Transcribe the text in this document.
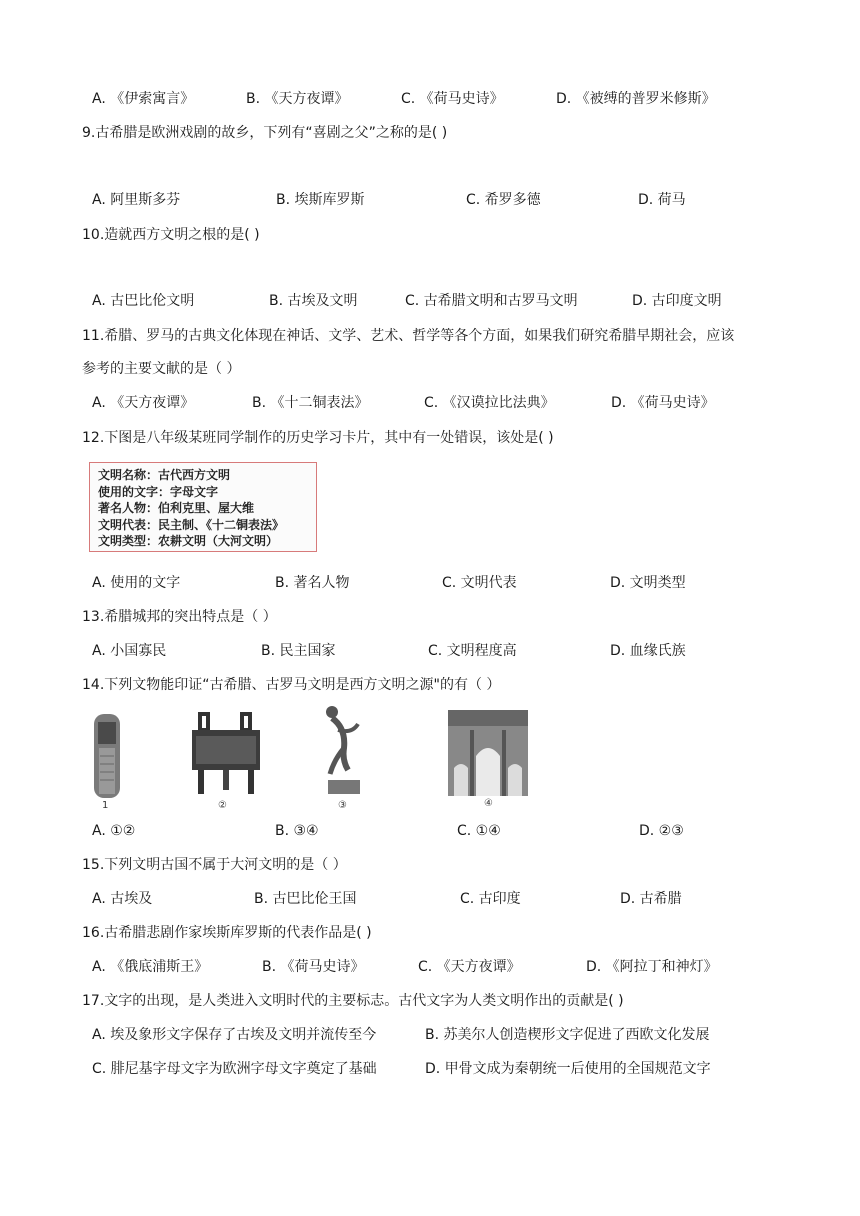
A. 《伊索寓言》	B. 《天方夜谭》	C. 《荷马史诗》	D. 《被缚的普罗米修斯》
9.古希腊是欧洲戏剧的故乡，下列有“喜剧之父”之称的是( )
A. 阿里斯多芬	B. 埃斯库罗斯	C. 希罗多德	D. 荷马
10.造就西方文明之根的是( )
A. 古巴比伦文明	B. 古埃及文明	C. 古希腊文明和古罗马文明	D. 古印度文明
11.希腊、罗马的古典文化体现在神话、文学、艺术、哲学等各个方面，如果我们研究希腊早期社会，应该
参考的主要文献的是（ ）
A. 《天方夜谭》	B. 《十二铜表法》	C. 《汉谟拉比法典》	D. 《荷马史诗》
12.下图是八年级某班同学制作的历史学习卡片，其中有一处错误，该处是( )
文明名称：古代西方文明
使用的文字：字母文字
著名人物：伯利克里、屋大维
文明代表：民主制、《十二铜表法》
文明类型：农耕文明（大河文明）
A. 使用的文字	B. 著名人物	C. 文明代表	D. 文明类型
13.希腊城邦的突出特点是（ ）
A. 小国寡民	B. 民主国家	C. 文明程度高	D. 血缘氏族
14.下列文物能印证“古希腊、古罗马文明是西方文明之源"的有（ ）
1	②	③	④
A. ①②	B. ③④	C. ①④	D. ②③
15.下列文明古国不属于大河文明的是（ ）
A. 古埃及	B. 古巴比伦王国	C. 古印度	D. 古希腊
16.古希腊悲剧作家埃斯库罗斯的代表作品是( )
A. 《俄底浦斯王》	B. 《荷马史诗》	C. 《天方夜谭》	D. 《阿拉丁和神灯》
17.文字的出现，是人类进入文明时代的主要标志。古代文字为人类文明作出的贡献是( )
A. 埃及象形文字保存了古埃及文明并流传至今	B. 苏美尔人创造楔形文字促进了西欧文化发展
C. 腓尼基字母文字为欧洲字母文字奠定了基础	D. 甲骨文成为秦朝统一后使用的全国规范文字
